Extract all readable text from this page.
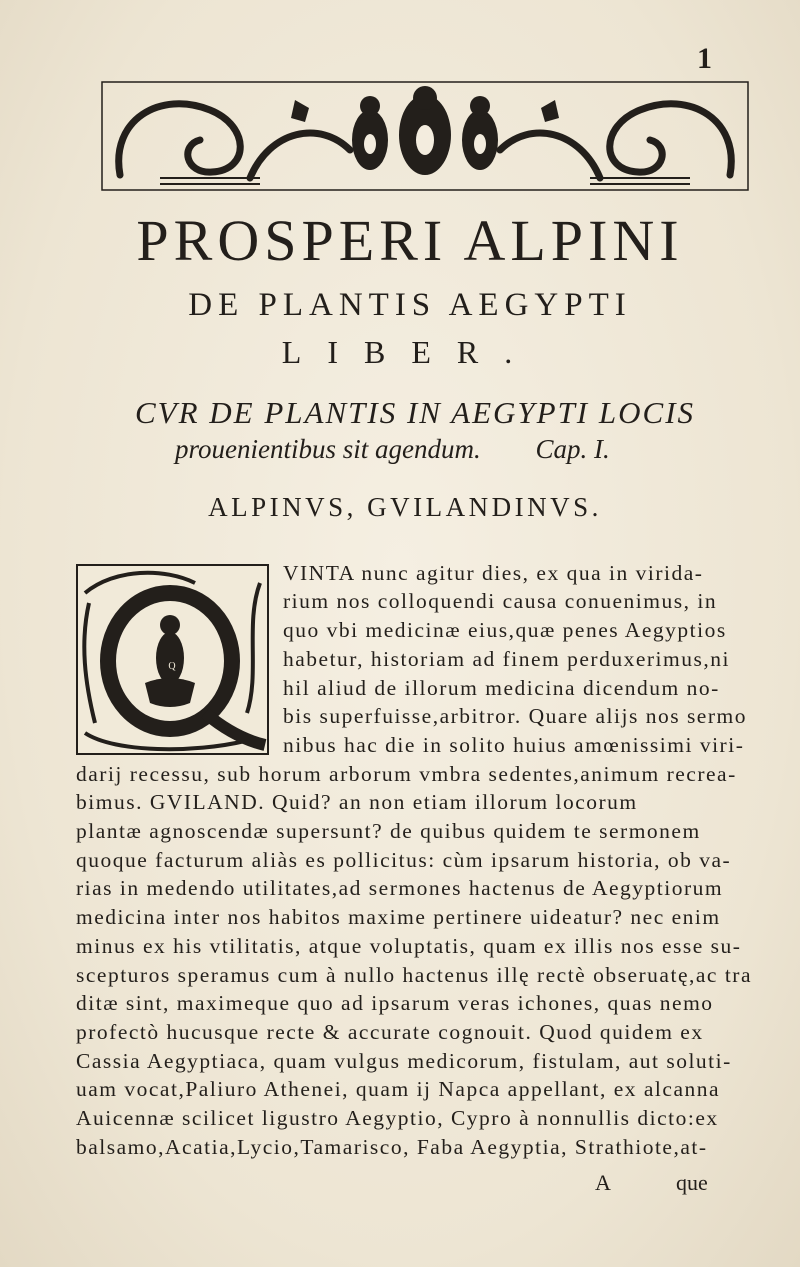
1
PROSPERI ALPINI
DE PLANTIS AEGYPTI
LIBER.
CVR DE PLANTIS IN AEGYPTI LOCIS
prouenientibus sit agendum. Cap. I.
ALPINVS, GVILANDINVS.
Q
VINTA nunc agitur dies, ex qua in virida-
rium nos colloquendi causa conuenimus, in
quo vbi medicinæ eius,quæ penes Aegyptios
habetur, historiam ad finem perduxerimus,ni
hil aliud de illorum medicina dicendum no-
bis superfuisse,arbitror. Quare alijs nos sermo
nibus hac die in solito huius amœnissimi viri-
darij recessu, sub horum arborum vmbra sedentes,animum recrea-
bimus. GVILAND. Quid? an non etiam illorum locorum
plantæ agnoscendæ supersunt? de quibus quidem te sermonem
quoque facturum aliàs es pollicitus: cùm ipsarum historia, ob va-
rias in medendo utilitates,ad sermones hactenus de Aegyptiorum
medicina inter nos habitos maxime pertinere uideatur? nec enim
minus ex his vtilitatis, atque voluptatis, quam ex illis nos esse su-
scepturos speramus cum à nullo hactenus illę rectè obseruatę,ac tra
ditæ sint, maximeque quo ad ipsarum veras ichones, quas nemo
profectò hucusque recte & accurate cognouit. Quod quidem ex
Cassia Aegyptiaca, quam vulgus medicorum, fistulam, aut soluti-
uam vocat,Paliuro Athenei, quam ij Napca appellant, ex alcanna
Auicennæ scilicet ligustro Aegyptio, Cypro à nonnullis dicto:ex
balsamo,Acatia,Lycio,Tamarisco, Faba Aegyptia, Strathiote,at-
A	que
